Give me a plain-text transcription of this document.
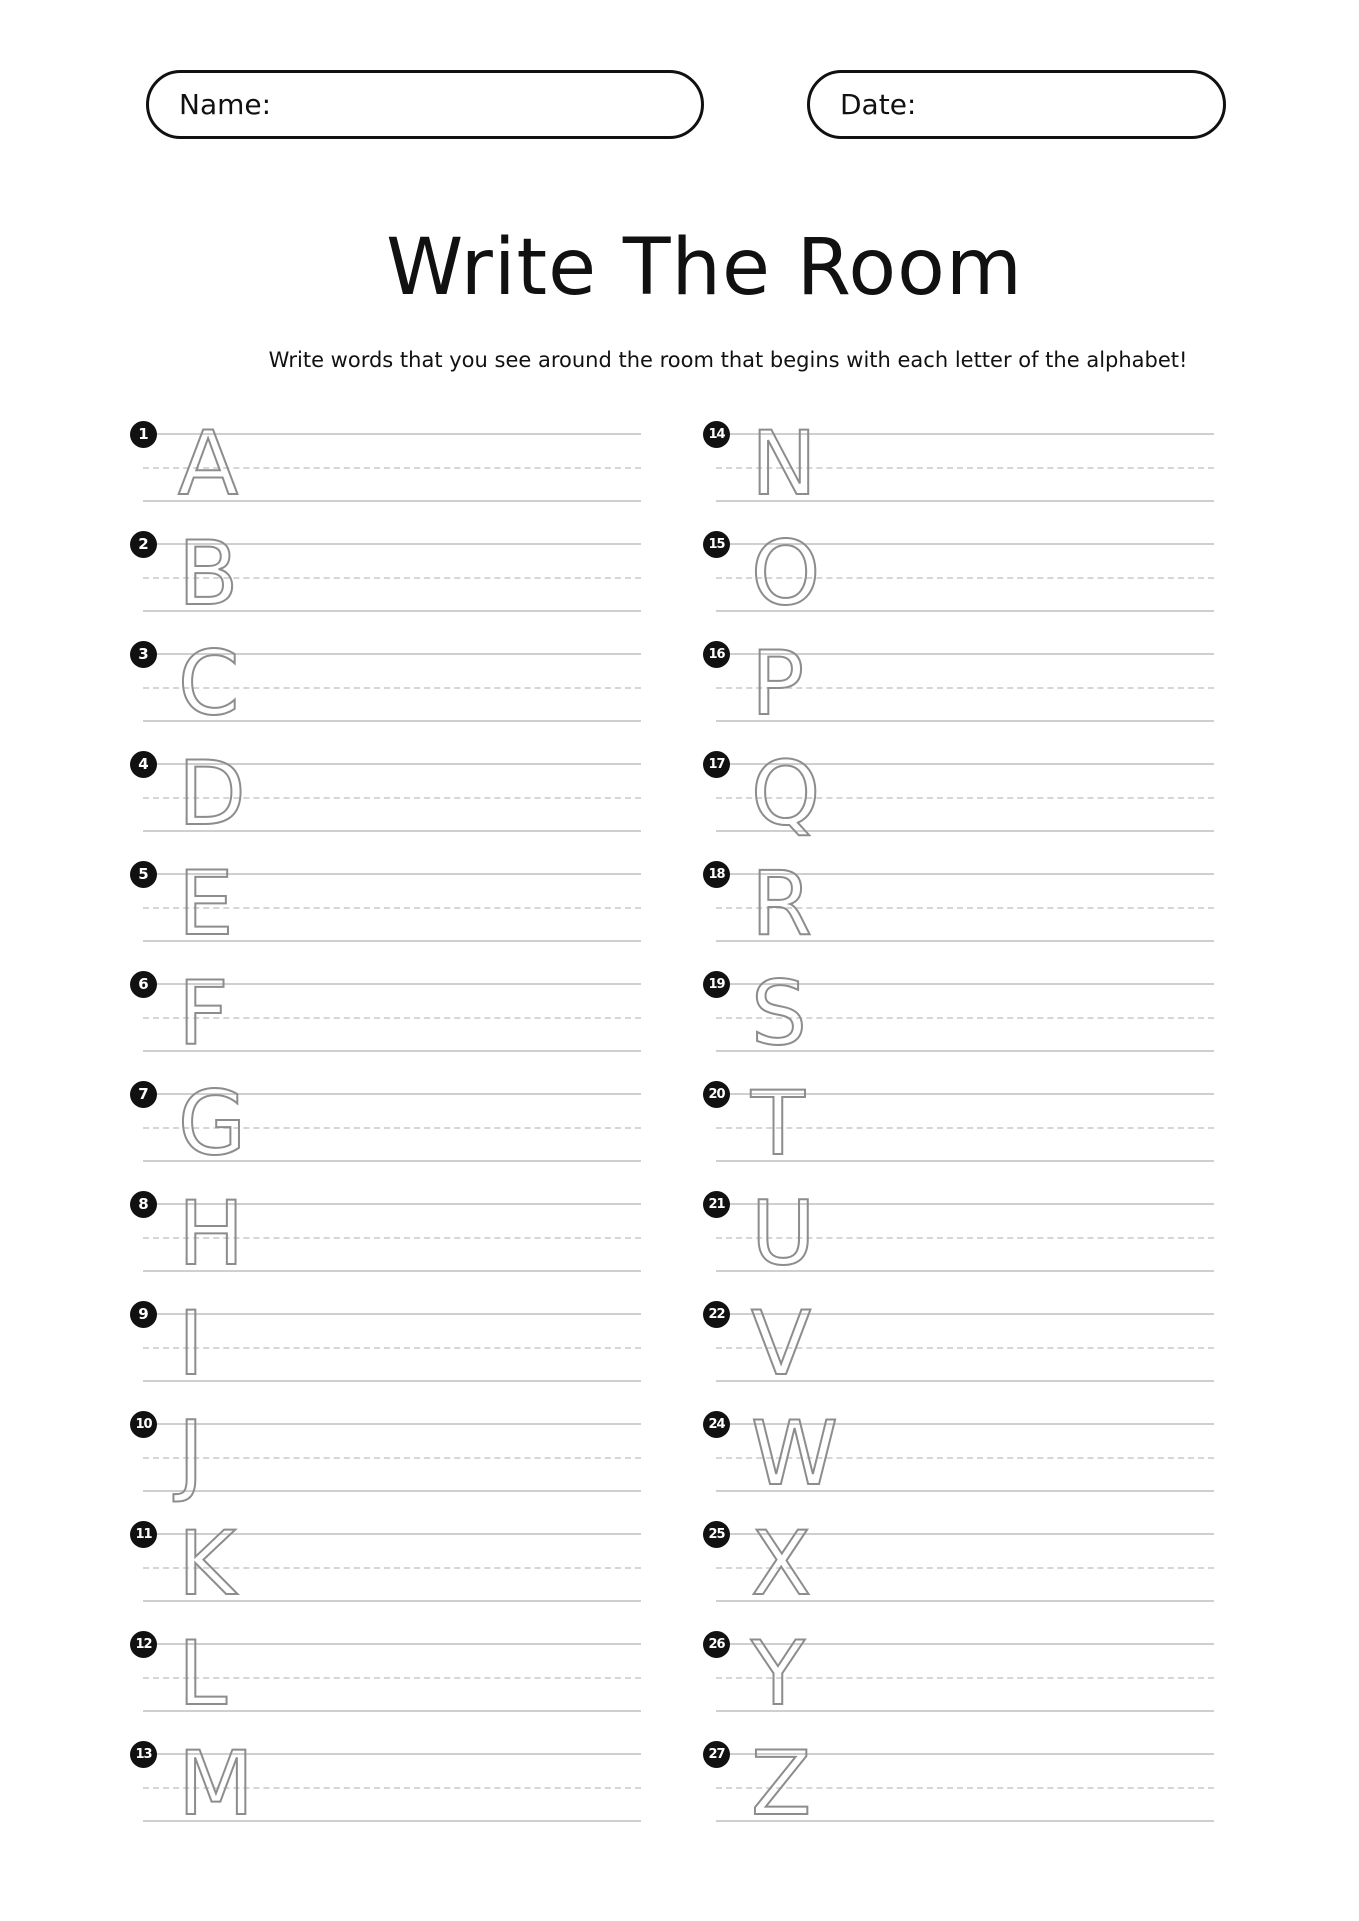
Name:	Date:
Write The Room

Write words that you see around the room that begins with each letter of the alphabet!

1 A
2 B
3 C
4 D
5 E
6 F
7 G
8 H
9 I
10 J
11 K
12 L
13 M
14 N
15 O
16 P
17 Q
18 R
19 S
20 T
21 U
22 V
24 W
25 X
26 Y
27 Z
